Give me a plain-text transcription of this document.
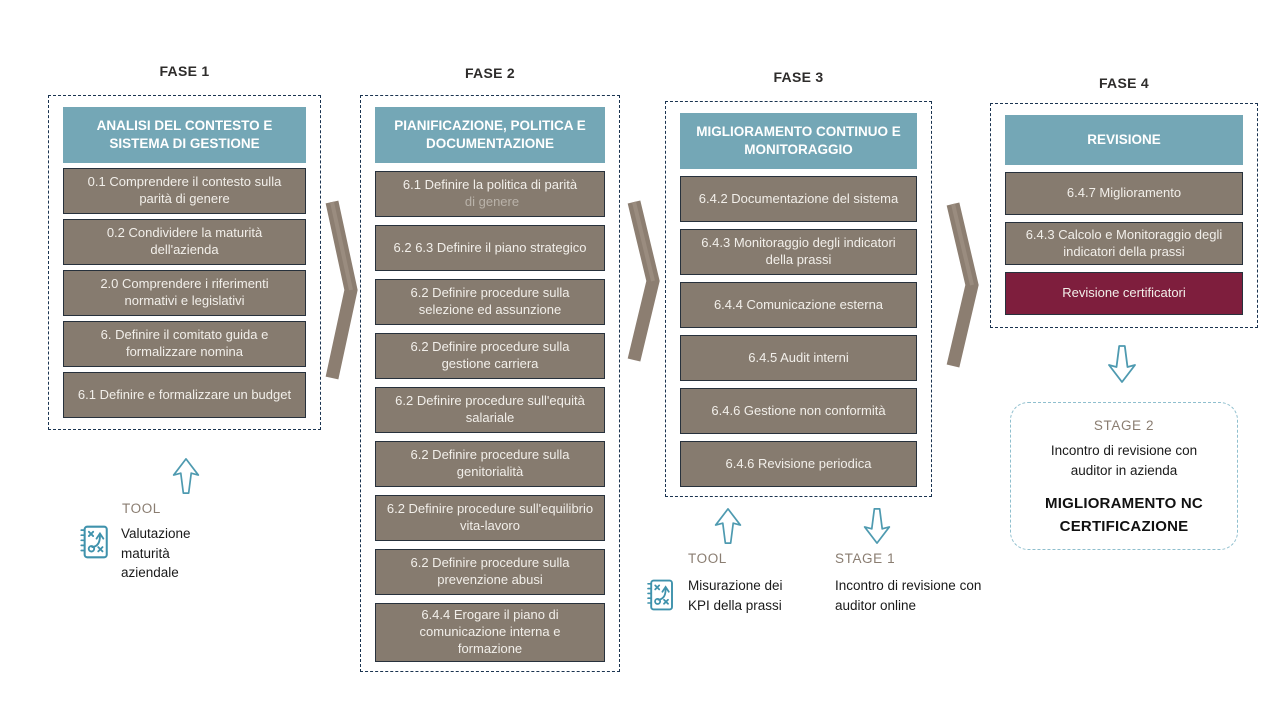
FASE 1	FASE 2	FASE 3	FASE 4
ANALISI DEL CONTESTO E SISTEMA DI GESTIONE
0.1 Comprendere il contesto sulla parità di genere
0.2 Condividere la maturità dell'azienda
2.0 Comprendere i riferimenti normativi e legislativi
6. Definire il comitato guida e formalizzare nomina
6.1 Definire e formalizzare un budget
PIANIFICAZIONE, POLITICA E DOCUMENTAZIONE
6.1 Definire la politica di parità
di genere
6.2 6.3 Definire il piano strategico
6.2 Definire procedure sulla selezione ed assunzione
6.2 Definire procedure sulla gestione carriera
6.2 Definire procedure sull'equità salariale
6.2 Definire procedure sulla genitorialità
6.2 Definire procedure sull'equilibrio vita-lavoro
6.2 Definire procedure sulla prevenzione abusi
6.4.4 Erogare il piano di comunicazione interna e formazione
MIGLIORAMENTO CONTINUO E MONITORAGGIO
6.4.2 Documentazione del sistema
6.4.3 Monitoraggio degli indicatori della prassi
6.4.4 Comunicazione esterna
6.4.5 Audit interni
6.4.6 Gestione non conformità
6.4.6 Revisione periodica
REVISIONE
6.4.7 Miglioramento
6.4.3 Calcolo e Monitoraggio degli indicatori della prassi
Revisione certificatori
TOOL
Valutazione maturità aziendale
TOOL
Misurazione dei KPI della prassi
STAGE 1
Incontro di revisione con auditor online
STAGE 2
Incontro di revisione con auditor in azienda
MIGLIORAMENTO NC CERTIFICAZIONE
